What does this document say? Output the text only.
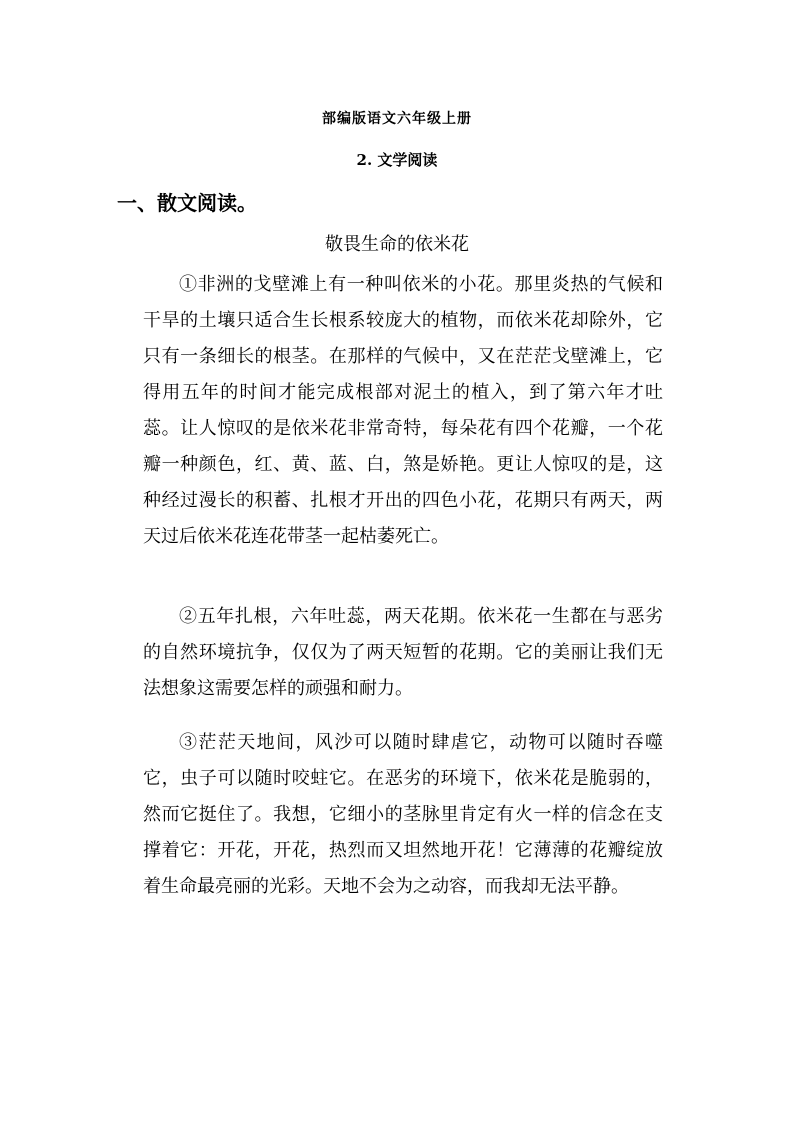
部编版语文六年级上册
2. 文学阅读
一、散文阅读。
敬畏生命的依米花

①非洲的戈壁滩上有一种叫依米的小花。那里炎热的气候和干旱的土壤只适合生长根系较庞大的植物，而依米花却除外，它只有一条细长的根茎。在那样的气候中，又在茫茫戈壁滩上，它得用五年的时间才能完成根部对泥土的植入，到了第六年才吐蕊。让人惊叹的是依米花非常奇特，每朵花有四个花瓣，一个花瓣一种颜色，红、黄、蓝、白，煞是娇艳。更让人惊叹的是，这种经过漫长的积蓄、扎根才开出的四色小花，花期只有两天，两天过后依米花连花带茎一起枯萎死亡。

②五年扎根，六年吐蕊，两天花期。依米花一生都在与恶劣的自然环境抗争，仅仅为了两天短暂的花期。它的美丽让我们无法想象这需要怎样的顽强和耐力。

③茫茫天地间，风沙可以随时肆虐它，动物可以随时吞噬它，虫子可以随时咬蛀它。在恶劣的环境下，依米花是脆弱的，然而它挺住了。我想，它细小的茎脉里肯定有火一样的信念在支撑着它：开花，开花，热烈而又坦然地开花！它薄薄的花瓣绽放着生命最亮丽的光彩。天地不会为之动容，而我却无法平静。
